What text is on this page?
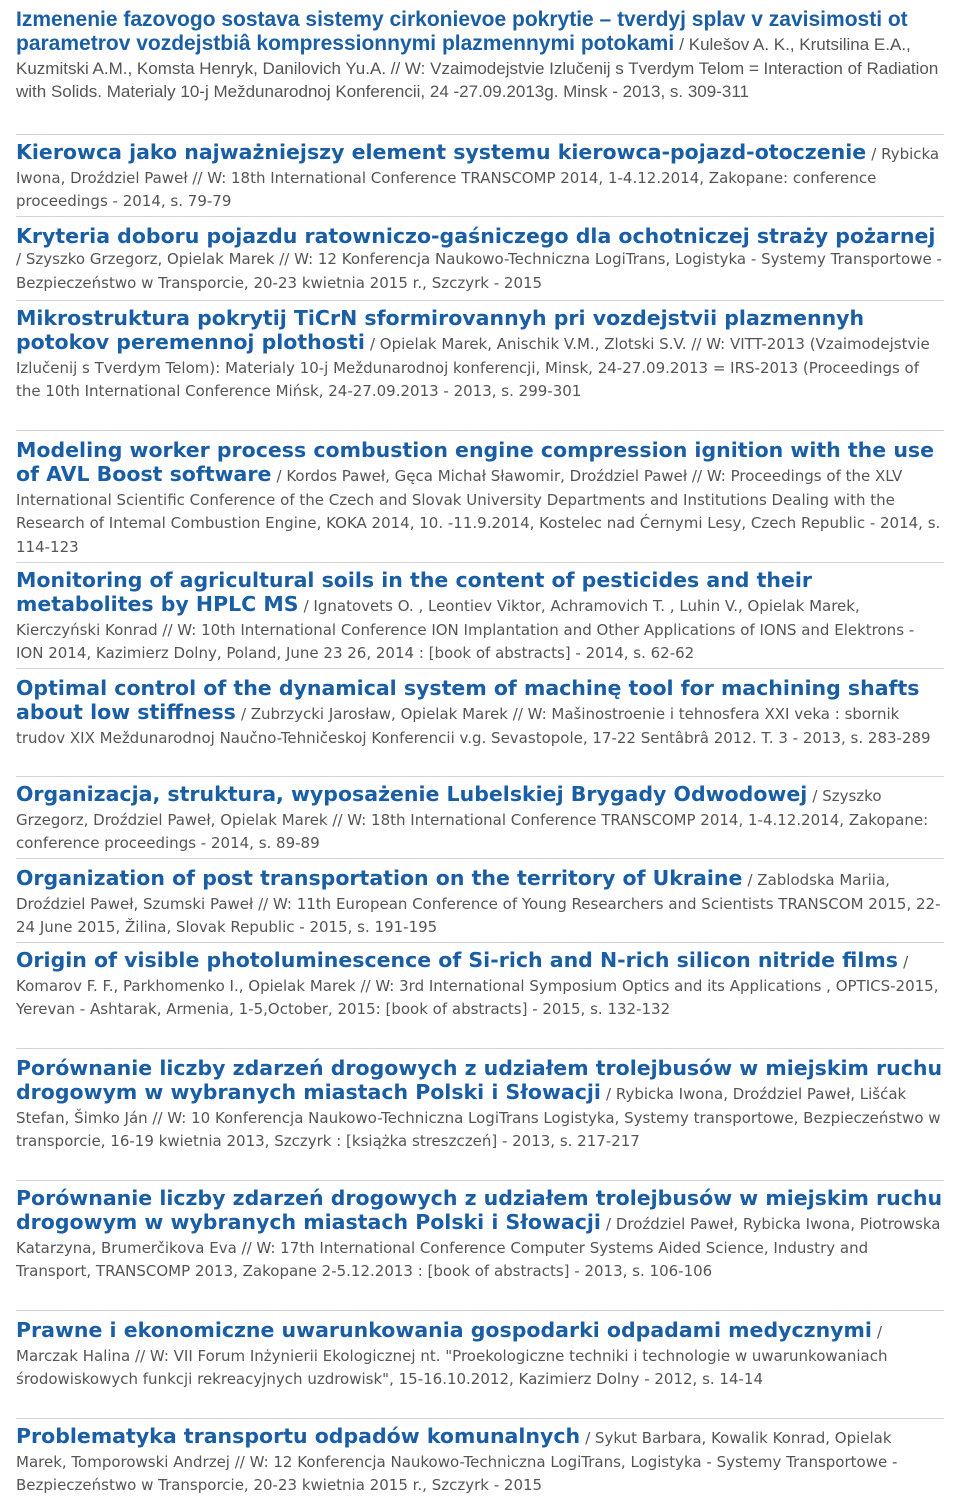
Izmenenie fazovogo sostava sistemy cirkonievoe pokrytie – tverdyj splav v zavisimosti ot parametrov vozdejstbiâ kompressionnymi plazmennymi potokami / Kulešov A. K., Krutsilina E.A., Kuzmitski A.M., Komsta Henryk, Danilovich Yu.A. // W: Vzaimodejstvie Izlučenij s Tverdym Telom = Interaction of Radiation with Solids. Materialy 10-j Meždunarodnoj Konferencii, 24 -27.09.2013g. Minsk - 2013, s. 309-311
Kierowca jako najważniejszy element systemu kierowca-pojazd-otoczenie / Rybicka Iwona, Droździel Paweł // W: 18th International Conference TRANSCOMP 2014, 1-4.12.2014, Zakopane: conference proceedings - 2014, s. 79-79
Kryteria doboru pojazdu ratowniczo-gaśniczego dla ochotniczej straży pożarnej / Szyszko Grzegorz, Opielak Marek // W: 12 Konferencja Naukowo-Techniczna LogiTrans, Logistyka - Systemy Transportowe - Bezpieczeństwo w Transporcie, 20-23 kwietnia 2015 r., Szczyrk - 2015
Mikrostruktura pokrytij TiCrN sformirovannyh pri vozdejstvii plazmennyh potokov peremennoj plothosti / Opielak Marek, Anischik V.M., Zlotski S.V. // W: VITT-2013 (Vzaimodejstvie Izlučenij s Tverdym Telom): Materialy 10-j Meždunarodnoj konferencji, Minsk, 24-27.09.2013 = IRS-2013 (Proceedings of the 10th International Conference Mińsk, 24-27.09.2013 - 2013, s. 299-301
Modeling worker process combustion engine compression ignition with the use of AVL Boost software / Kordos Paweł, Gęca Michał Sławomir, Droździel Paweł // W: Proceedings of the XLV International Scientific Conference of the Czech and Slovak University Departments and Institutions Dealing with the Research of Intemal Combustion Engine, KOKA 2014, 10. -11.9.2014, Kostelec nad Ćernymi Lesy, Czech Republic - 2014, s. 114-123
Monitoring of agricultural soils in the content of pesticides and their metabolites by HPLC MS / Ignatovets O. , Leontiev Viktor, Achramovich T. , Luhin V., Opielak Marek, Kierczyński Konrad // W: 10th International Conference ION Implantation and Other Applications of IONS and Elektrons - ION 2014, Kazimierz Dolny, Poland, June 23 26, 2014 : [book of abstracts] - 2014, s. 62-62
Optimal control of the dynamical system of machinę tool for machining shafts about low stiffness / Zubrzycki Jarosław, Opielak Marek // W: Mašinostroenie i tehnosfera XXI veka : sbornik trudov XIX Meždunarodnoj Naučno-Tehničeskoj Konferencii v.g. Sevastopole, 17-22 Sentâbrâ 2012. T. 3 - 2013, s. 283-289
Organizacja, struktura, wyposażenie Lubelskiej Brygady Odwodowej / Szyszko Grzegorz, Droździel Paweł, Opielak Marek // W: 18th International Conference TRANSCOMP 2014, 1-4.12.2014, Zakopane: conference proceedings - 2014, s. 89-89
Organization of post transportation on the territory of Ukraine / Zablodska Mariia, Droździel Paweł, Szumski Paweł // W: 11th European Conference of Young Researchers and Scientists TRANSCOM 2015, 22-24 June 2015, Žilina, Slovak Republic - 2015, s. 191-195
Origin of visible photoluminescence of Si-rich and N-rich silicon nitride films / Komarov F. F., Parkhomenko I., Opielak Marek // W: 3rd International Symposium Optics and its Applications , OPTICS-2015, Yerevan - Ashtarak, Armenia, 1-5,October, 2015: [book of abstracts] - 2015, s. 132-132
Porównanie liczby zdarzeń drogowych z udziałem trolejbusów w miejskim ruchu drogowym w wybranych miastach Polski i Słowacji / Rybicka Iwona, Droździel Paweł, Lišćak Stefan, Šimko Ján // W: 10 Konferencja Naukowo-Techniczna LogiTrans Logistyka, Systemy transportowe, Bezpieczeństwo w transporcie, 16-19 kwietnia 2013, Szczyrk : [książka streszczeń] - 2013, s. 217-217
Porównanie liczby zdarzeń drogowych z udziałem trolejbusów w miejskim ruchu drogowym w wybranych miastach Polski i Słowacji / Droździel Paweł, Rybicka Iwona, Piotrowska Katarzyna, Brumerčikova Eva // W: 17th International Conference Computer Systems Aided Science, Industry and Transport, TRANSCOMP 2013, Zakopane 2-5.12.2013 : [book of abstracts] - 2013, s. 106-106
Prawne i ekonomiczne uwarunkowania gospodarki odpadami medycznymi / Marczak Halina // W: VII Forum Inżynierii Ekologicznej nt. "Proekologiczne techniki i technologie w uwarunkowaniach środowiskowych funkcji rekreacyjnych uzdrowisk", 15-16.10.2012, Kazimierz Dolny - 2012, s. 14-14
Problematyka transportu odpadów komunalnych / Sykut Barbara, Kowalik Konrad, Opielak Marek, Tomporowski Andrzej // W: 12 Konferencja Naukowo-Techniczna LogiTrans, Logistyka - Systemy Transportowe - Bezpieczeństwo w Transporcie, 20-23 kwietnia 2015 r., Szczyrk - 2015
